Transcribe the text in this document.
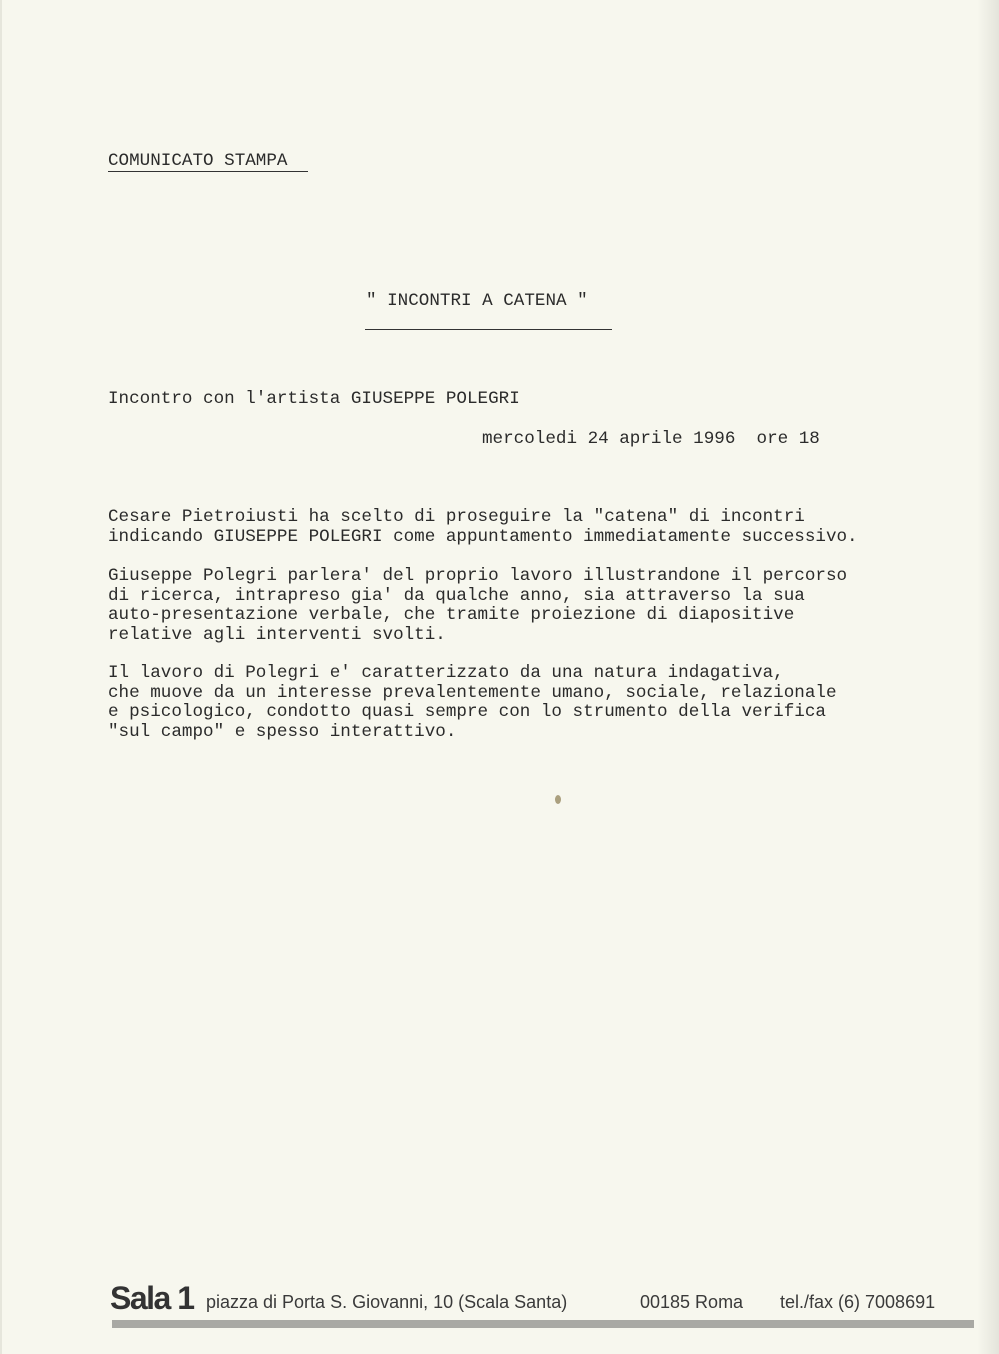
COMUNICATO STAMPA
" INCONTRI A CATENA "
Incontro con l'artista GIUSEPPE POLEGRI
mercoledi 24 aprile 1996  ore 18
Cesare Pietroiusti ha scelto di proseguire la "catena" di incontri
indicando GIUSEPPE POLEGRI come appuntamento immediatamente successivo.
Giuseppe Polegri parlera' del proprio lavoro illustrandone il percorso
di ricerca, intrapreso gia' da qualche anno, sia attraverso la sua
auto-presentazione verbale, che tramite proiezione di diapositive
relative agli interventi svolti.
Il lavoro di Polegri e' caratterizzato da una natura indagativa,
che muove da un interesse prevalentemente umano, sociale, relazionale
e psicologico, condotto quasi sempre con lo strumento della verifica
"sul campo" e spesso interattivo.
Sala 1 piazza di Porta S. Giovanni, 10 (Scala Santa)	00185 Roma tel./fax (6) 7008691
